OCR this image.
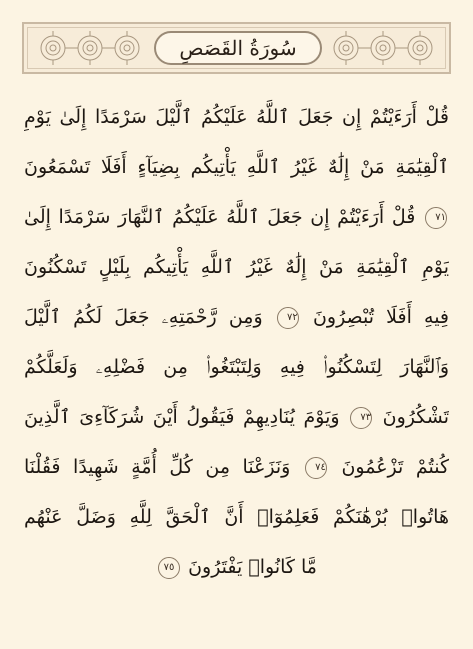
سُورَةُ القَصَصِ
قُلْ أَرَءَيْتُمْ إِن جَعَلَ ٱللَّهُ عَلَيْكُمُ ٱلَّيْلَ سَرْمَدًا إِلَىٰ يَوْمِ
ٱلْقِيَٰمَةِ مَنْ إِلَٰهٌ غَيْرُ ٱللَّهِ يَأْتِيكُم بِضِيَآءٍ أَفَلَا تَسْمَعُونَ
٧١ قُلْ أَرَءَيْتُمْ إِن جَعَلَ ٱللَّهُ عَلَيْكُمُ ٱلنَّهَارَ سَرْمَدًا إِلَىٰ
يَوْمِ ٱلْقِيَٰمَةِ مَنْ إِلَٰهٌ غَيْرُ ٱللَّهِ يَأْتِيكُم بِلَيْلٍ تَسْكُنُونَ
فِيهِ أَفَلَا تُبْصِرُونَ ٧٢ وَمِن رَّحْمَتِهِۦ جَعَلَ لَكُمُ ٱلَّيْلَ
وَٱلنَّهَارَ لِتَسْكُنُوا۟ فِيهِ وَلِتَبْتَغُوا۟ مِن فَضْلِهِۦ وَلَعَلَّكُمْ
تَشْكُرُونَ ٧٣ وَيَوْمَ يُنَادِيهِمْ فَيَقُولُ أَيْنَ شُرَكَآءِىَ ٱلَّذِينَ
كُنتُمْ تَزْعُمُونَ ٧٤ وَنَزَعْنَا مِن كُلِّ أُمَّةٍ شَهِيدًا فَقُلْنَا
هَاتُوا۟ بُرْهَٰنَكُمْ فَعَلِمُوٓا۟ أَنَّ ٱلْحَقَّ لِلَّهِ وَضَلَّ عَنْهُم
مَّا كَانُوا۟ يَفْتَرُونَ ٧٥
